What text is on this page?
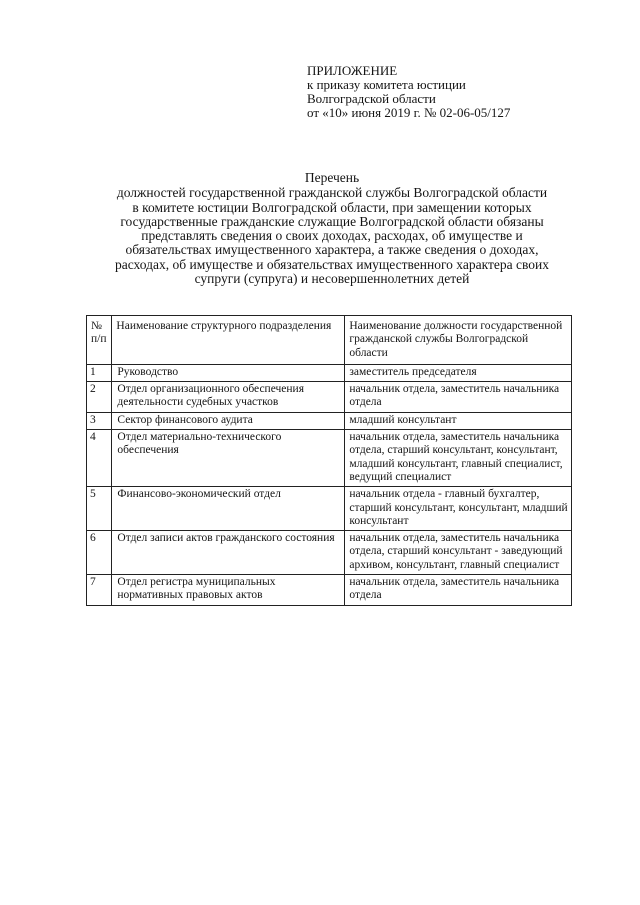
ПРИЛОЖЕНИЕ
к приказу комитета юстиции
Волгоградской области
от «10» июня 2019 г. № 02-06-05/127
Перечень
должностей государственной гражданской службы Волгоградской области
в комитете юстиции Волгоградской области, при замещении которых
государственные гражданские служащие Волгоградской области обязаны
представлять сведения о своих доходах, расходах, об имуществе и
обязательствах имущественного характера, а также сведения о доходах,
расходах, об имуществе и обязательствах имущественного характера своих
супруги (супруга) и несовершеннолетних детей
№
п/п	Наименование структурного подразделения	Наименование должности государственной гражданской службы Волгоградской области
1	Руководство	заместитель председателя
2	Отдел организационного обеспечения деятельности судебных участков	начальник отдела, заместитель начальника отдела
3	Сектор финансового аудита	младший консультант
4	Отдел материально-технического обеспечения	начальник отдела, заместитель начальника отдела, старший консультант, консультант, младший консультант, главный специалист, ведущий специалист
5	Финансово-экономический отдел	начальник отдела - главный бухгалтер, старший консультант, консультант, младший консультант
6	Отдел записи актов гражданского состояния	начальник отдела, заместитель начальника отдела, старший консультант - заведующий архивом, консультант, главный специалист
7	Отдел регистра муниципальных нормативных правовых актов	начальник отдела, заместитель начальника отдела
